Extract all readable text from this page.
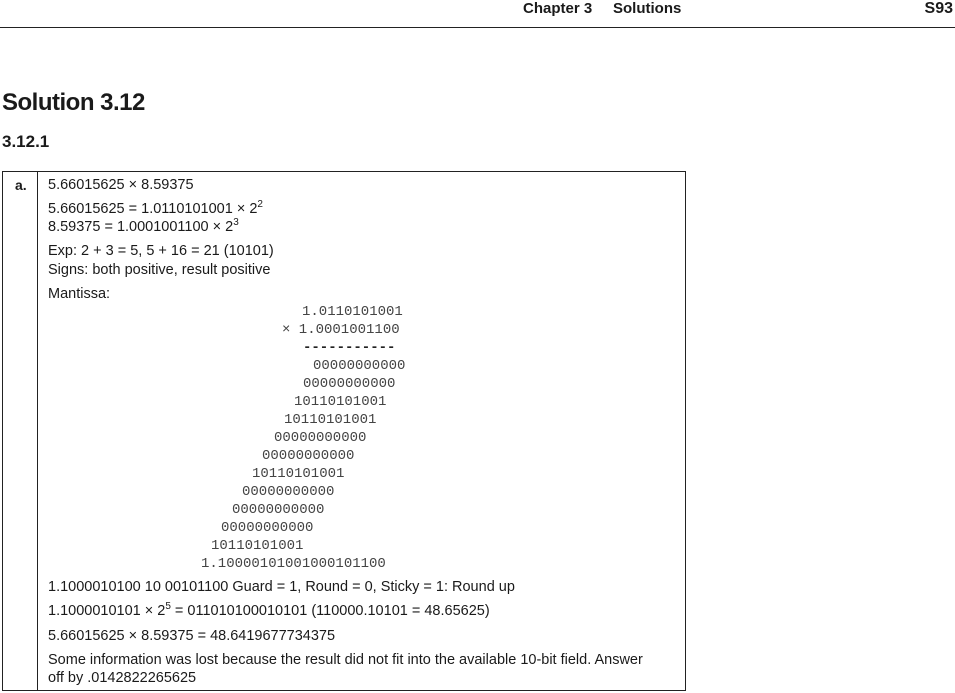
Chapter 3 Solutions	S93
Solution 3.12
3.12.1
a. 5.66015625 × 8.59375
$5.66015625 = 1.0110101001 \times 2^2$
$8.59375 = 1.0001001100 \times 2^3$
Exp: 2 + 3 = 5, 5 + 16 = 21 (10101)
Signs: both positive, result positive
Mantissa:
1.0110101001
× 1.0001001100
-----------
00000000000
00000000000
10110101001
10110101001
00000000000
00000000000
10110101001
00000000000
00000000000
00000000000
10110101001
1.10000101001000101100
1.1000010100 10 00101100 Guard = 1, Round = 0, Sticky = 1: Round up
$1.1000010101 \times 2^5 = 011010100010101$ (110000.10101 = 48.65625)
5.66015625 × 8.59375 = 48.6419677734375
Some information was lost because the result did not fit into the available 10-bit field. Answer
off by .0142822265625
